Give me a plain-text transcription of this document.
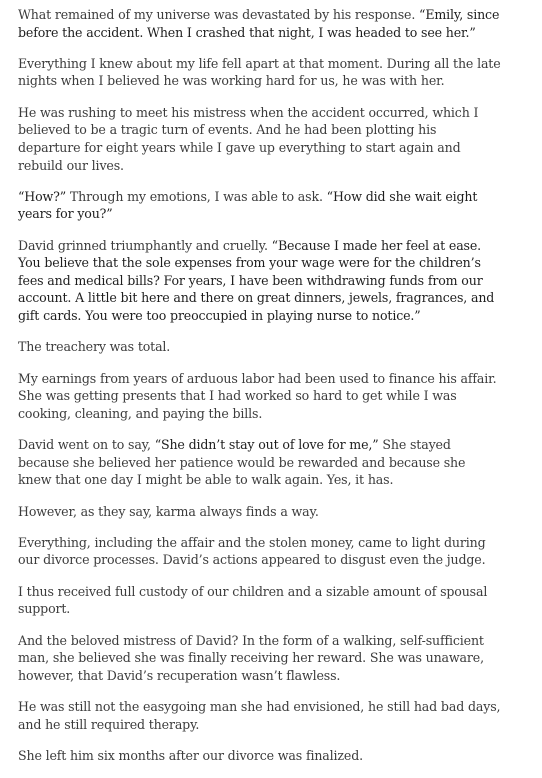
What remained of my universe was devastated by his response. “Emily, since before the accident. When I crashed that night, I was headed to see her.”

Everything I knew about my life fell apart at that moment. During all the late nights when I believed he was working hard for us, he was with her.

He was rushing to meet his mistress when the accident occurred, which I believed to be a tragic turn of events. And he had been plotting his departure for eight years while I gave up everything to start again and rebuild our lives.

“How?” Through my emotions, I was able to ask. “How did she wait eight years for you?”

David grinned triumphantly and cruelly. “Because I made her feel at ease. You believe that the sole expenses from your wage were for the children’s fees and medical bills? For years, I have been withdrawing funds from our account. A little bit here and there on great dinners, jewels, fragrances, and gift cards. You were too preoccupied in playing nurse to notice.”

The treachery was total.

My earnings from years of arduous labor had been used to finance his affair. She was getting presents that I had worked so hard to get while I was cooking, cleaning, and paying the bills.

David went on to say, “She didn’t stay out of love for me,” She stayed because she believed her patience would be rewarded and because she knew that one day I might be able to walk again. Yes, it has.

However, as they say, karma always finds a way.

Everything, including the affair and the stolen money, came to light during our divorce processes. David’s actions appeared to disgust even the judge.

I thus received full custody of our children and a sizable amount of spousal support.

And the beloved mistress of David? In the form of a walking, self-sufficient man, she believed she was finally receiving her reward. She was unaware, however, that David’s recuperation wasn’t flawless.

He was still not the easygoing man she had envisioned, he still had bad days, and he still required therapy.

She left him six months after our divorce was finalized.
